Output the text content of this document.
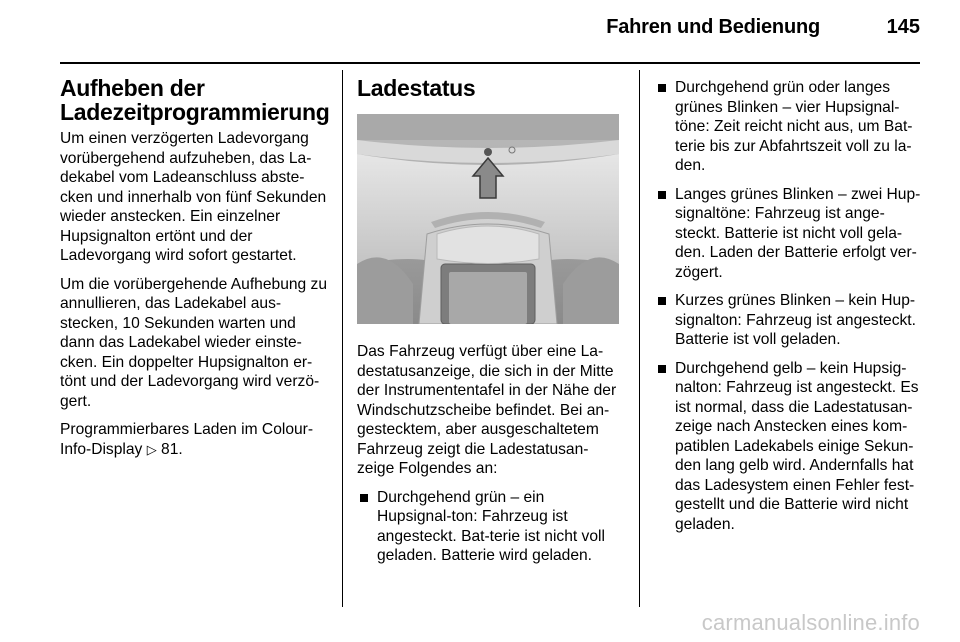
Fahren und Bedienung	145
Aufheben der Ladezeitprogrammierung

Um einen verzögerten Ladevorgang vorübergehend aufzuheben, das La-dekabel vom Ladeanschluss abste-cken und innerhalb von fünf Sekunden wieder anstecken. Ein einzelner Hupsignalton ertönt und der Ladevorgang wird sofort gestartet.

Um die vorübergehende Aufhebung zu annullieren, das Ladekabel aus-stecken, 10 Sekunden warten und dann das Ladekabel wieder einste-cken. Ein doppelter Hupsignalton er-tönt und der Ladevorgang wird verzö-gert.

Programmierbares Laden im Colour-Info-Display ▷ 81.

Ladestatus

Das Fahrzeug verfügt über eine La-destatusanzeige, die sich in der Mitte der Instrumententafel in der Nähe der Windschutzscheibe befindet. Bei an-gestecktem, aber ausgeschaltetem Fahrzeug zeigt die Ladestatusan-zeige Folgendes an:

Durchgehend grün – ein Hupsignal-ton: Fahrzeug ist angesteckt. Bat-terie ist nicht voll geladen. Batterie wird geladen.
Durchgehend grün oder langes grünes Blinken – vier Hupsignal-töne: Zeit reicht nicht aus, um Bat-terie bis zur Abfahrtszeit voll zu la-den.
Langes grünes Blinken – zwei Hup-signaltöne: Fahrzeug ist ange-steckt. Batterie ist nicht voll gela-den. Laden der Batterie erfolgt ver-zögert.
Kurzes grünes Blinken – kein Hup-signalton: Fahrzeug ist angesteckt. Batterie ist voll geladen.
Durchgehend gelb – kein Hupsig-nalton: Fahrzeug ist angesteckt. Es ist normal, dass die Ladestatusan-zeige nach Anstecken eines kom-patiblen Ladekabels einige Sekun-den lang gelb wird. Andernfalls hat das Ladesystem einen Fehler fest-gestellt und die Batterie wird nicht geladen.
carmanualsonline.info
